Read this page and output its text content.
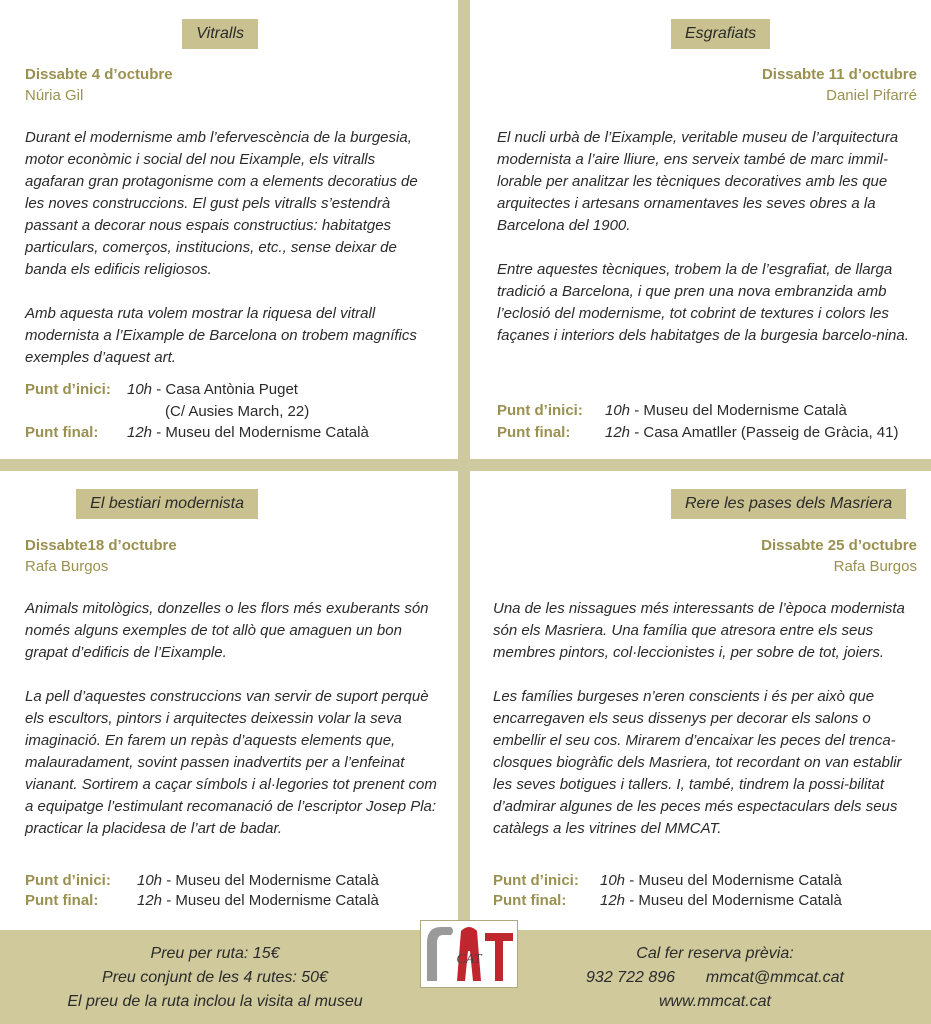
Vitralls
Dissabte 4 d’octubre
Núria Gil

Durant el modernisme amb l’efervescència de la burgesia, motor econòmic i social del nou Eixample, els vitralls agafaran gran protagonisme com a elements decoratius de les noves construccions. El gust pels vitralls s’estendrà passant a decorar nous espais constructius: habitatges particulars, comerços, institucions, etc., sense deixar de banda els edificis religiosos.

Amb aquesta ruta volem mostrar la riquesa del vitrall modernista a l’Eixample de Barcelona on trobem magnífics exemples d’aquest art.

Punt d’inici: 10h - Casa Antònia Puget
(C/ Ausies March, 22)
Punt final: 12h - Museu del Modernisme Català
Esgrafiats
Dissabte 11 d’octubre
Daniel Pifarré

El nucli urbà de l’Eixample, veritable museu de l’arquitectura modernista a l’aire lliure, ens serveix també de marc immil-lorable per analitzar les tècniques decoratives amb les que arquitectes i artesans ornamentaves les seves obres a la Barcelona del 1900.

Entre aquestes tècniques, trobem la de l’esgrafiat, de llarga tradició a Barcelona, i que pren una nova embranzida amb l’eclosió del modernisme, tot cobrint de textures i colors les façanes i interiors dels habitatges de la burgesia barcelo-nina.

Punt d’inici: 10h - Museu del Modernisme Català
Punt final: 12h - Casa Amatller (Passeig de Gràcia, 41)
El bestiari modernista
Dissabte18 d’octubre
Rafa Burgos

Animals mitològics, donzelles o les flors més exuberants són només alguns exemples de tot allò que amaguen un bon grapat d’edificis de l’Eixample.

La pell d’aquestes construccions van servir de suport perquè els escultors, pintors i arquitectes deixessin volar la seva imaginació. En farem un repàs d’aquests elements que, malauradament, sovint passen inadvertits per a l’enfeinat vianant. Sortirem a caçar símbols i al·legories tot prenent com a equipatge l’estimulant recomanació de l’escriptor Josep Pla: practicar la placidesa de l’art de badar.

Punt d’inici: 10h - Museu del Modernisme Català
Punt final:	12h - Museu del Modernisme Català
Rere les pases dels Masriera
Dissabte 25 d’octubre
Rafa Burgos

Una de les nissagues més interessants de l’època modernista són els Masriera. Una família que atresora entre els seus membres pintors, col·leccionistes i, per sobre de tot, joiers.

Les famílies burgeses n’eren conscients i és per això que encarregaven els seus dissenys per decorar els salons o embellir el seu cos. Mirarem d’encaixar les peces del trenca-closques biogràfic dels Masriera, tot recordant on van establir les seves botigues i tallers. I, també, tindrem la possi-bilitat d’admirar algunes de les peces més espectaculars dels seus catàlegs a les vitrines del MMCAT.

Punt d’inici: 10h - Museu del Modernisme Català
Punt final: 12h - Museu del Modernisme Català
Preu per ruta: 15€
Preu conjunt de les 4 rutes: 50€
El preu de la ruta inclou la visita al museu
Cal fer reserva prèvia:
932 722 896 mmcat@mmcat.cat
www.mmcat.cat
CAT
